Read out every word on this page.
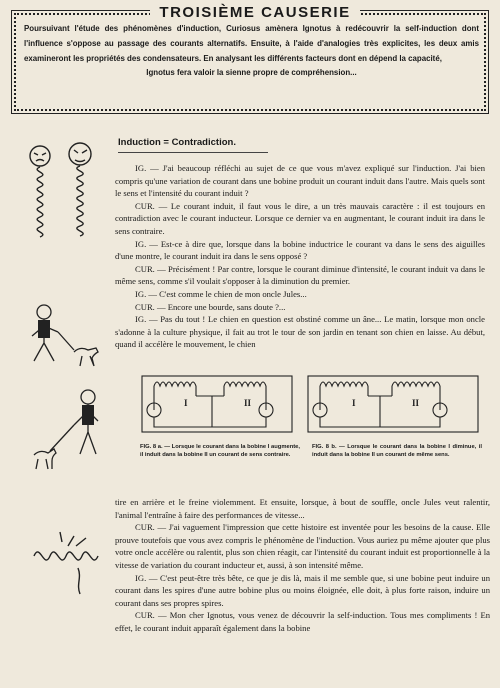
TROISIÈME CAUSERIE
Poursuivant l'étude des phénomènes d'induction, Curiosus amènera Ignotus à redécouvrir la self-induction dont l'influence s'oppose au passage des courants alternatifs. Ensuite, à l'aide d'analogies très explicites, les deux amis examineront les propriétés des condensateurs. En analysant les différents facteurs dont en dépend la capacité,
Ignotus fera valoir la sienne propre de compréhension...
Induction = Contradiction.

IG. — J'ai beaucoup réfléchi au sujet de ce que vous m'avez expliqué sur l'induction. J'ai bien compris qu'une variation de courant dans une bobine produit un courant induit dans l'autre. Mais quels sont le sens et l'intensité du courant induit ?

CUR. — Le courant induit, il faut vous le dire, a un très mauvais caractère : il est toujours en contradiction avec le courant inducteur. Lorsque ce dernier va en augmentant, le courant induit ira dans le sens contraire.

IG. — Est-ce à dire que, lorsque dans la bobine inductrice le courant va dans le sens des aiguilles d'une montre, le courant induit ira dans le sens opposé ?

CUR. — Précisément ! Par contre, lorsque le courant diminue d'intensité, le courant induit va dans le même sens, comme s'il voulait s'opposer à la diminution du premier.

IG. — C'est comme le chien de mon oncle Jules...

CUR. — Encore une bourde, sans doute ?...

IG. — Pas du tout ! Le chien en question est obstiné comme un âne... Le matin, lorsque mon oncle s'adonne à la culture physique, il fait au trot le tour de son jardin en tenant son chien en laisse. Au début, quand il accélère le mouvement, le chien

I	II	I	II
FIG. 8 a. — Lorsque le courant dans la bobine I augmente, il induit dans la bobine II un courant de sens contraire.
FIG. 8 b. — Lorsque le courant dans la bobine I diminue, il induit dans la bobine II un courant de même sens.

tire en arrière et le freine violemment. Et ensuite, lorsque, à bout de souffle, oncle Jules veut ralentir, l'animal l'entraîne à faire des performances de vitesse...

CUR. — J'ai vaguement l'impression que cette histoire est inventée pour les besoins de la cause. Elle prouve toutefois que vous avez compris le phénomène de l'induction. Vous auriez pu même ajouter que plus votre oncle accélère ou ralentit, plus son chien réagit, car l'intensité du courant induit est proportionnelle à la vitesse de variation du courant inducteur et, aussi, à son intensité même.

IG. — C'est peut-être très bête, ce que je dis là, mais il me semble que, si une bobine peut induire un courant dans les spires d'une autre bobine plus ou moins éloignée, elle doit, à plus forte raison, induire un courant dans ses propres spires.

CUR. — Mon cher Ignotus, vous venez de découvrir la self-induction. Tous mes compliments ! En effet, le courant induit apparaît également dans la bobine
